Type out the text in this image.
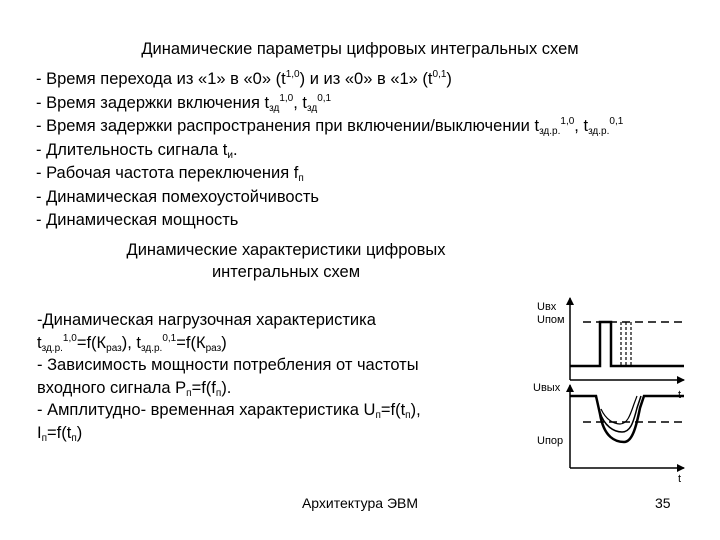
Динамические параметры цифровых интегральных схем
- Время перехода из «1» в «0» $(t^{1,0})$ и из «0» в «1» $(t^{0,1})$
- Время задержки включения $t_{зд}^{1,0}$, $t_{зд}^{0,1}$
- Время задержки распространения при включении/выключении $t_{зд.р.}^{1,0}$, $t_{зд.р.}^{0,1}$
- Длительность сигнала $t_и$.
- Рабочая частота переключения $f_п$
- Динамическая помехоустойчивость
- Динамическая мощность
Динамические характеристики цифровых
интегральных схем
-Динамическая нагрузочная характеристика
$t_{зд.р.}^{1,0}=f(К_{раз})$, $t_{зд.р.}^{0,1}=f(К_{раз})$
- Зависимость мощности потребления от частоты
входного сигнала $P_п=f(f_п)$.
- Амплитудно- временная характеристика $U_п=f(t_п)$,
$I_п=f(t_п)$
Uвх
Uпом
Uвых
Uпор
t
t
Архитектура ЭВМ	35
